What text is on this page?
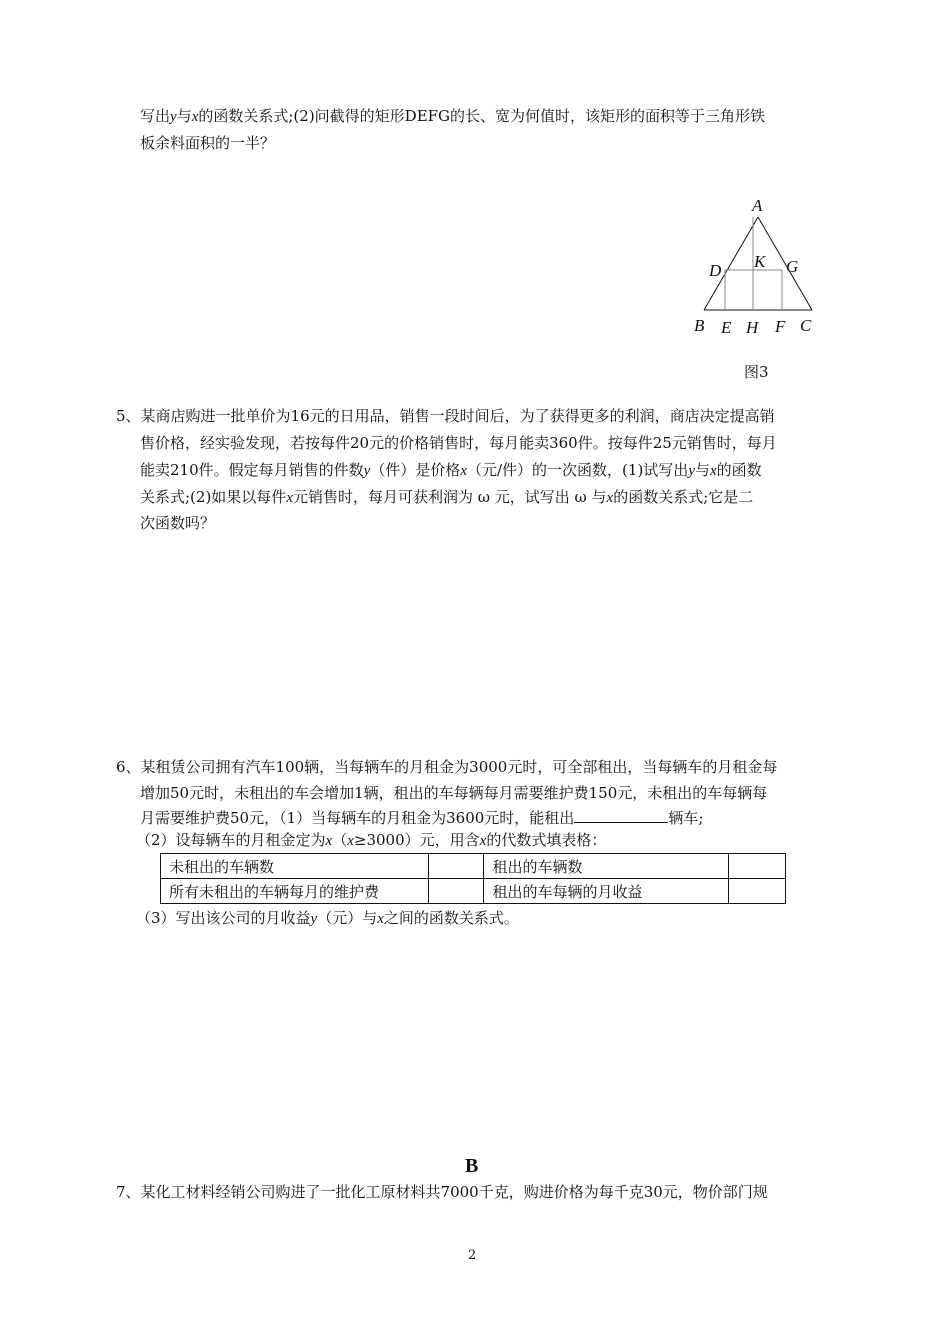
写出y与x的函数关系式;(2)问截得的矩形DEFG的长、宽为何值时，该矩形的面积等于三角形铁
板余料面积的一半？
A
D K G
B E H F C
图3
5、某商店购进一批单价为16元的日用品，销售一段时间后，为了获得更多的利润，商店决定提高销
售价格，经实验发现，若按每件20元的价格销售时，每月能卖360件。按每件25元销售时，每月
能卖210件。假定每月销售的件数y（件）是价格x（元/件）的一次函数，(1)试写出y与x的函数
关系式;(2)如果以每件x元销售时，每月可获利润为 ω 元，试写出 ω 与x的函数关系式;它是二
次函数吗？
6、某租赁公司拥有汽车100辆，当每辆车的月租金为3000元时，可全部租出，当每辆车的月租金每
增加50元时，未租出的车会增加1辆，租出的车每辆每月需要维护费150元，未租出的车每辆每
月需要维护费50元，（1）当每辆车的月租金为3600元时，能租出	辆车;
（2）设每辆车的月租金定为x（x≥3000）元，用含x的代数式填表格：
未租出的车辆数		租出的车辆数	
所有未租出的车辆每月的维护费		租出的车每辆的月收益	
（3）写出该公司的月收益y（元）与x之间的函数关系式。
B
7、某化工材料经销公司购进了一批化工原材料共7000千克，购进价格为每千克30元，物价部门规
2
